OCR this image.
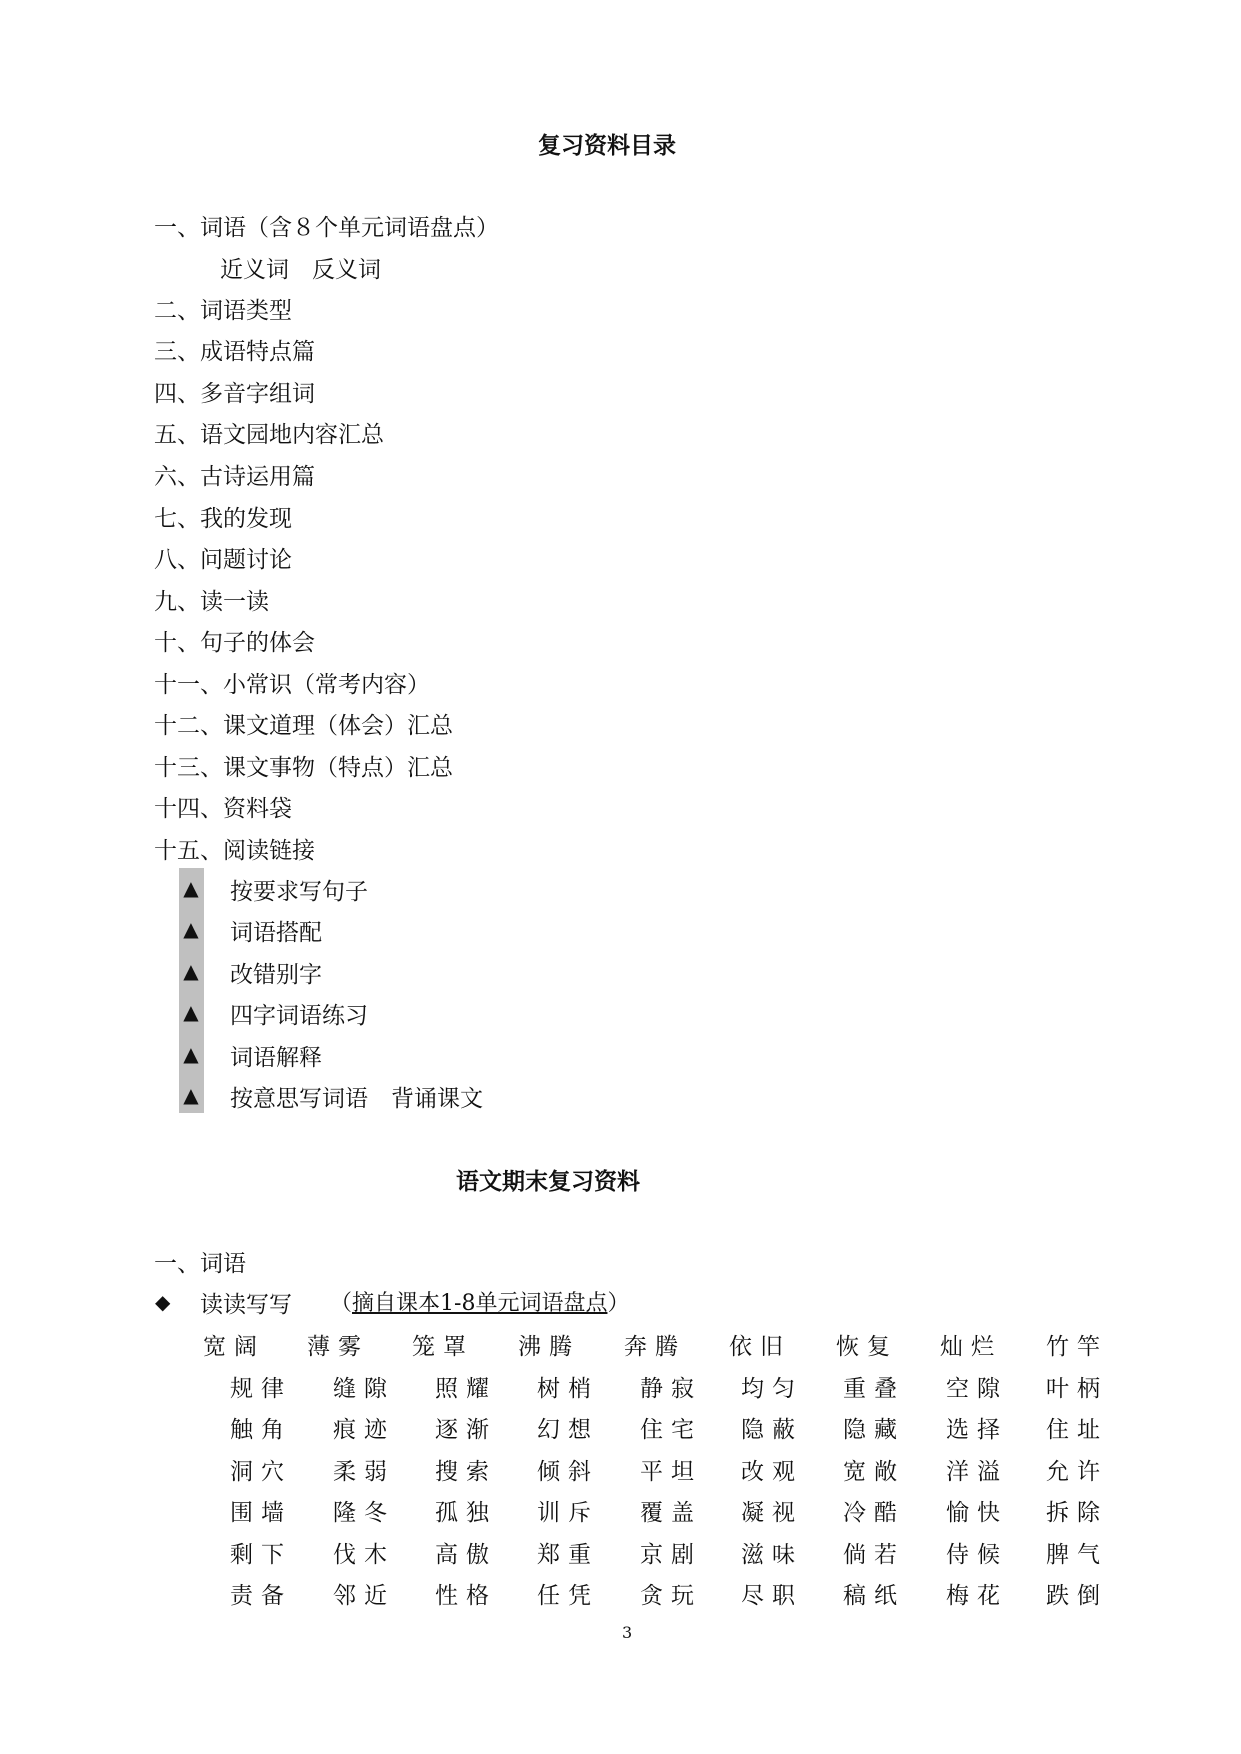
复习资料目录
一、词语（含８个单元词语盘点）
二、词语类型
三、成语特点篇
四、多音字组词
五、语文园地内容汇总
六、古诗运用篇
七、我的发现
八、问题讨论
九、读一读
十、句子的体会
十一、小常识（常考内容）
十二、课文道理（体会）汇总
十三、课文事物（特点）汇总
十四、资料袋
十五、阅读链接
近义词　反义词
▲ 按要求写句子
▲ 词语搭配
▲ 改错别字
▲ 四字词语练习
▲ 词语解释
▲ 按意思写词语　背诵课文
语文期末复习资料
一、词语
◆ 读读写写 （摘自课本1-8单元词语盘点）
宽阔 薄雾 笼罩 沸腾 奔腾 依旧 恢复 灿烂 竹竿
规律 缝隙 照耀 树梢 静寂 均匀 重叠 空隙 叶柄
触角 痕迹 逐渐 幻想 住宅 隐蔽 隐藏 选择 住址
洞穴 柔弱 搜索 倾斜 平坦 改观 宽敞 洋溢 允许
围墙 隆冬 孤独 训斥 覆盖 凝视 冷酷 愉快 拆除
剩下 伐木 高傲 郑重 京剧 滋味 倘若 侍候 脾气
责备 邻近 性格 任凭 贪玩 尽职 稿纸 梅花 跌倒
3
